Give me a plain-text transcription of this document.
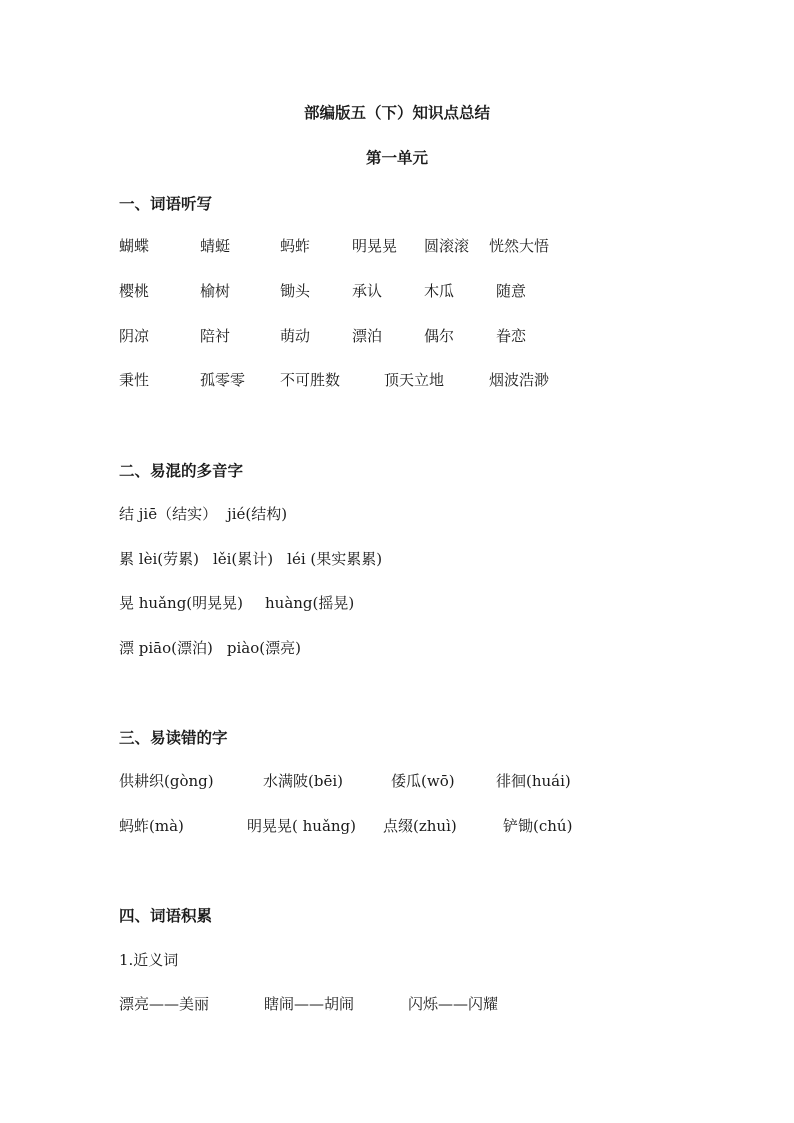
部编版五（下）知识点总结
第一单元
一、词语听写
蝴蝶	蜻蜓	蚂蚱	明晃晃 圆滚滚 恍然大悟
樱桃	榆树	锄头	承认	木瓜	随意
阴凉	陪衬	萌动	漂泊	偶尔	眷恋
秉性	孤零零 不可胜数	顶天立地	烟波浩渺
二、易混的多音字
结 jiē（结实） jié(结构)
累 lèi(劳累) lěi(累计) léi (果实累累)
晃 huǎng(明晃晃) huàng(摇晃)
漂 piāo(漂泊) piào(漂亮)
三、易读错的字
供耕织(gòng)	水满陂(bēi)	倭瓜(wō)	徘徊(huái)
蚂蚱(mà)	明晃晃( huǎng) 点缀(zhuì)	铲锄(chú)
四、词语积累
1.近义词
漂亮——美丽	瞎闹——胡闹	闪烁——闪耀
